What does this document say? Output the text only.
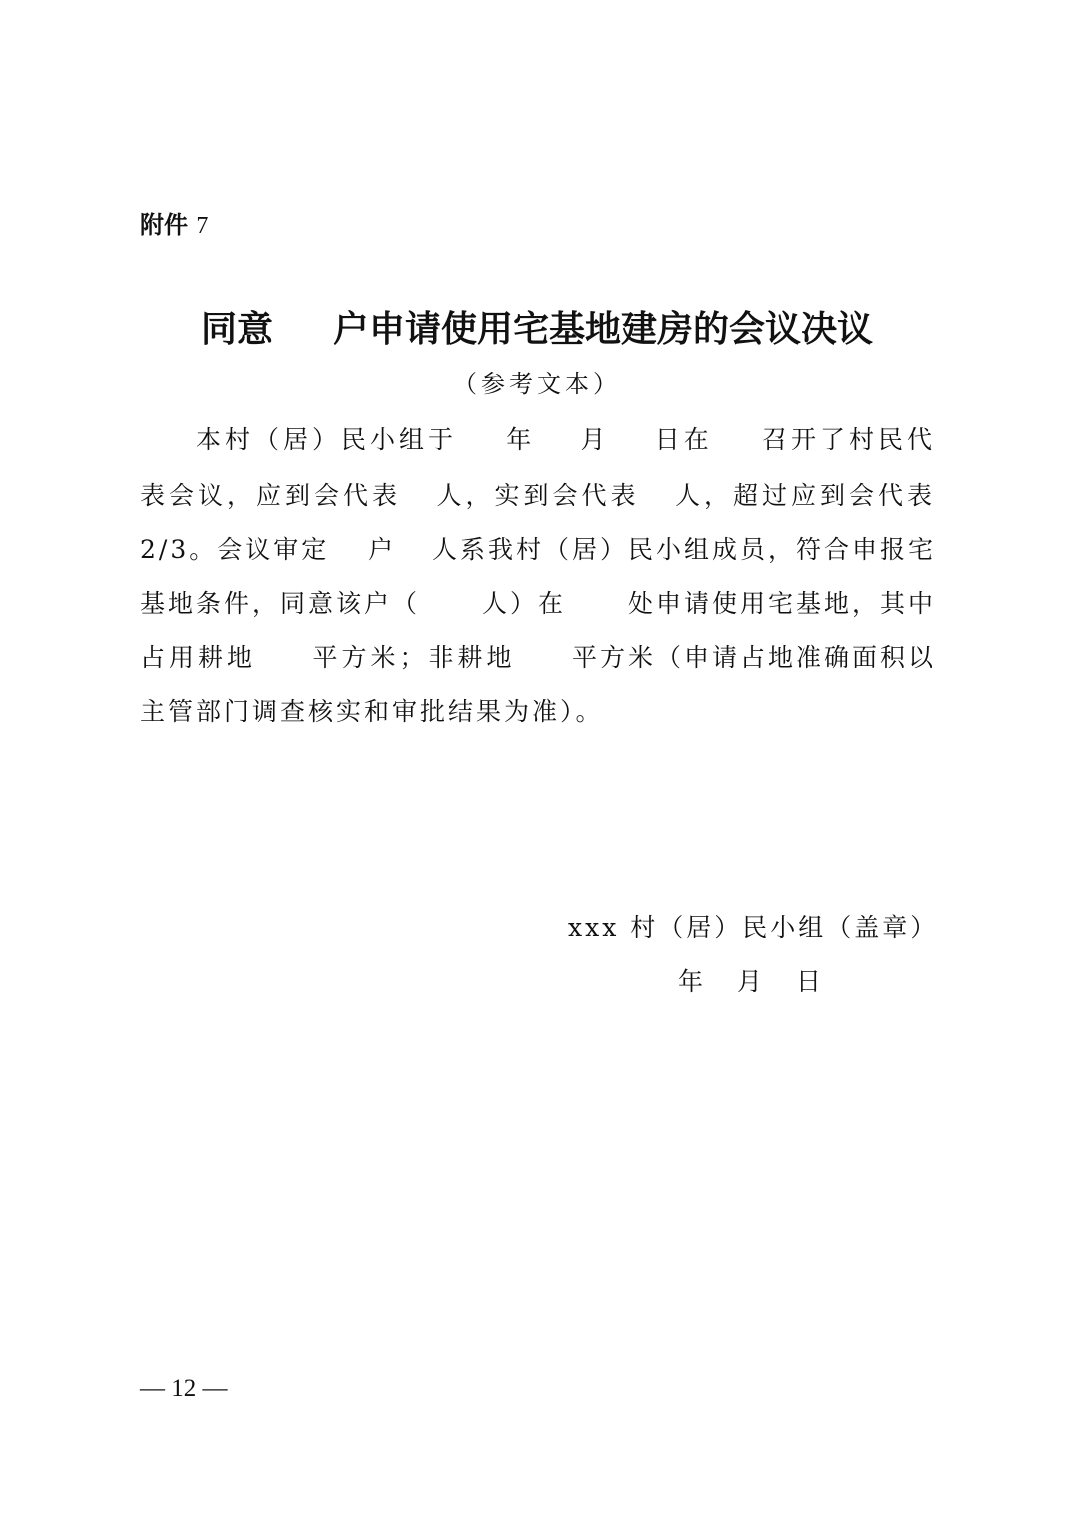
附件 7
同意 户申请使用宅基地建房的会议决议
（参考文本）
本村（居）民小组于 年 月 日在 召开了村民代
表会议，应到会代表 人，实到会代表 人，超过应到会代表
2/3。会议审定 户 人系我村（居）民小组成员，符合申报宅
基地条件，同意该户（ 人）在 处申请使用宅基地，其中
占用耕地 平方米；非耕地 平方米（申请占地准确面积以
主管部门调查核实和审批结果为准）。
xxx 村（居）民小组（盖章）
年 月 日
— 12 —
